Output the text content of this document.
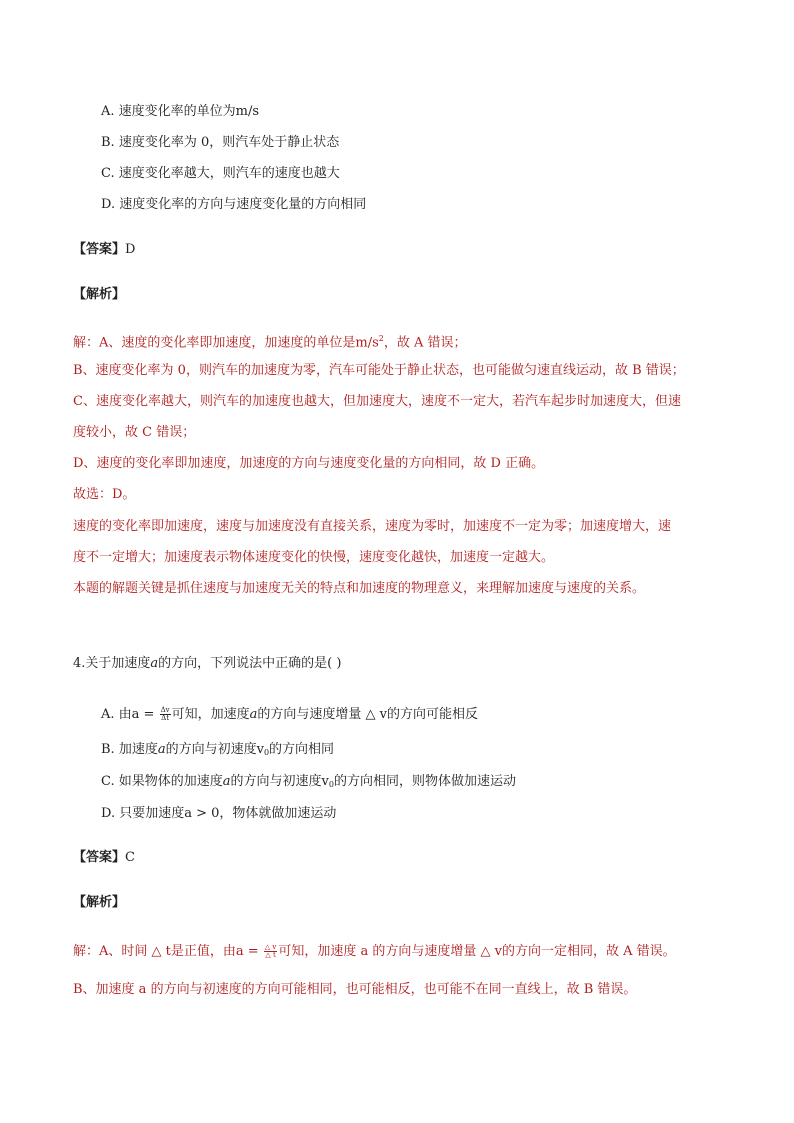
A. 速度变化率的单位为m/s
B. 速度变化率为 0，则汽车处于静止状态
C. 速度变化率越大，则汽车的速度也越大
D. 速度变化率的方向与速度变化量的方向相同
【答案】D
【解析】
解：A、速度的变化率即加速度，加速度的单位是$m/s^2$，故 A 错误；
B、速度变化率为 0，则汽车的加速度为零，汽车可能处于静止状态，也可能做匀速直线运动，故 B 错误；
C、速度变化率越大，则汽车的加速度也越大，但加速度大，速度不一定大，若汽车起步时加速度大，但速
度较小，故 C 错误；
D、速度的变化率即加速度，加速度的方向与速度变化量的方向相同，故 D 正确。
故选：D。
速度的变化率即加速度，速度与加速度没有直接关系，速度为零时，加速度不一定为零；加速度增大，速
度不一定增大；加速度表示物体速度变化的快慢，速度变化越快，加速度一定越大。
本题的解题关键是抓住速度与加速度无关的特点和加速度的物理意义，来理解加速度与速度的关系。
4.关于加速度a的方向，下列说法中正确的是( )
A. 由$a = \frac{\Delta v}{\Delta t}$ 可知，加速度a的方向与速度增量 △ v的方向可能相反
B. 加速度a的方向与初速度$v_0$的方向相同
C. 如果物体的加速度a的方向与初速度$v_0$的方向相同，则物体做加速运动
D. 只要加速度a > 0，物体就做加速运动
【答案】C
【解析】
解：A、时间 △ t是正值，由$a = \frac{\triangle v}{\triangle t}$ 可知，加速度 a 的方向与速度增量 △ v的方向一定相同，故 A 错误。
B、加速度 a 的方向与初速度的方向可能相同，也可能相反，也可能不在同一直线上，故 B 错误。
